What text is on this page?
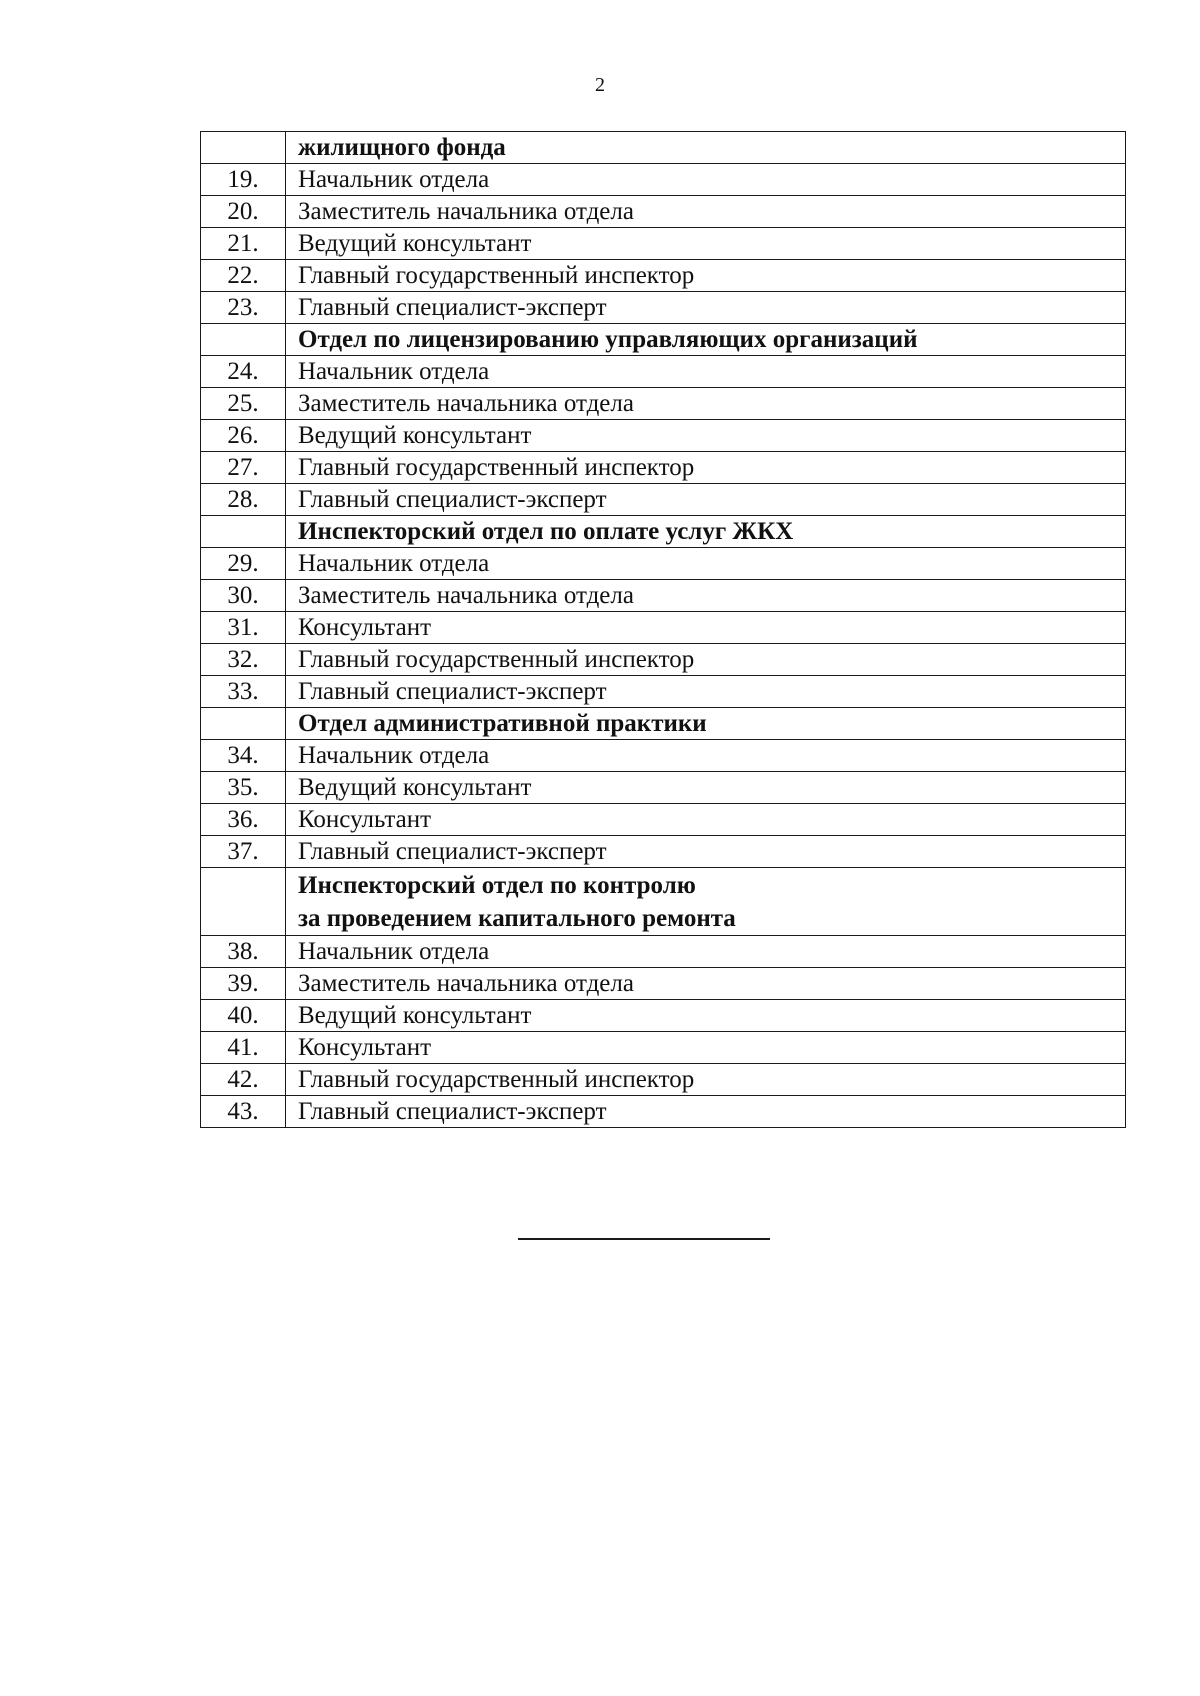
2
	жилищного фонда
19.	Начальник отдела
20.	Заместитель начальника отдела
21.	Ведущий консультант
22.	Главный государственный инспектор
23.	Главный специалист-эксперт
	Отдел по лицензированию управляющих организаций
24.	Начальник отдела
25.	Заместитель начальника отдела
26.	Ведущий консультант
27.	Главный государственный инспектор
28.	Главный специалист-эксперт
	Инспекторский отдел по оплате услуг ЖКХ
29.	Начальник отдела
30.	Заместитель начальника отдела
31.	Консультант
32.	Главный государственный инспектор
33.	Главный специалист-эксперт
	Отдел административной практики
34.	Начальник отдела
35.	Ведущий консультант
36.	Консультант
37.	Главный специалист-эксперт

	Инспекторский отдел по контролю
за проведением капитального ремонта

38.	Начальник отдела
39.	Заместитель начальника отдела
40.	Ведущий консультант
41.	Консультант
42.	Главный государственный инспектор
43.	Главный специалист-эксперт
